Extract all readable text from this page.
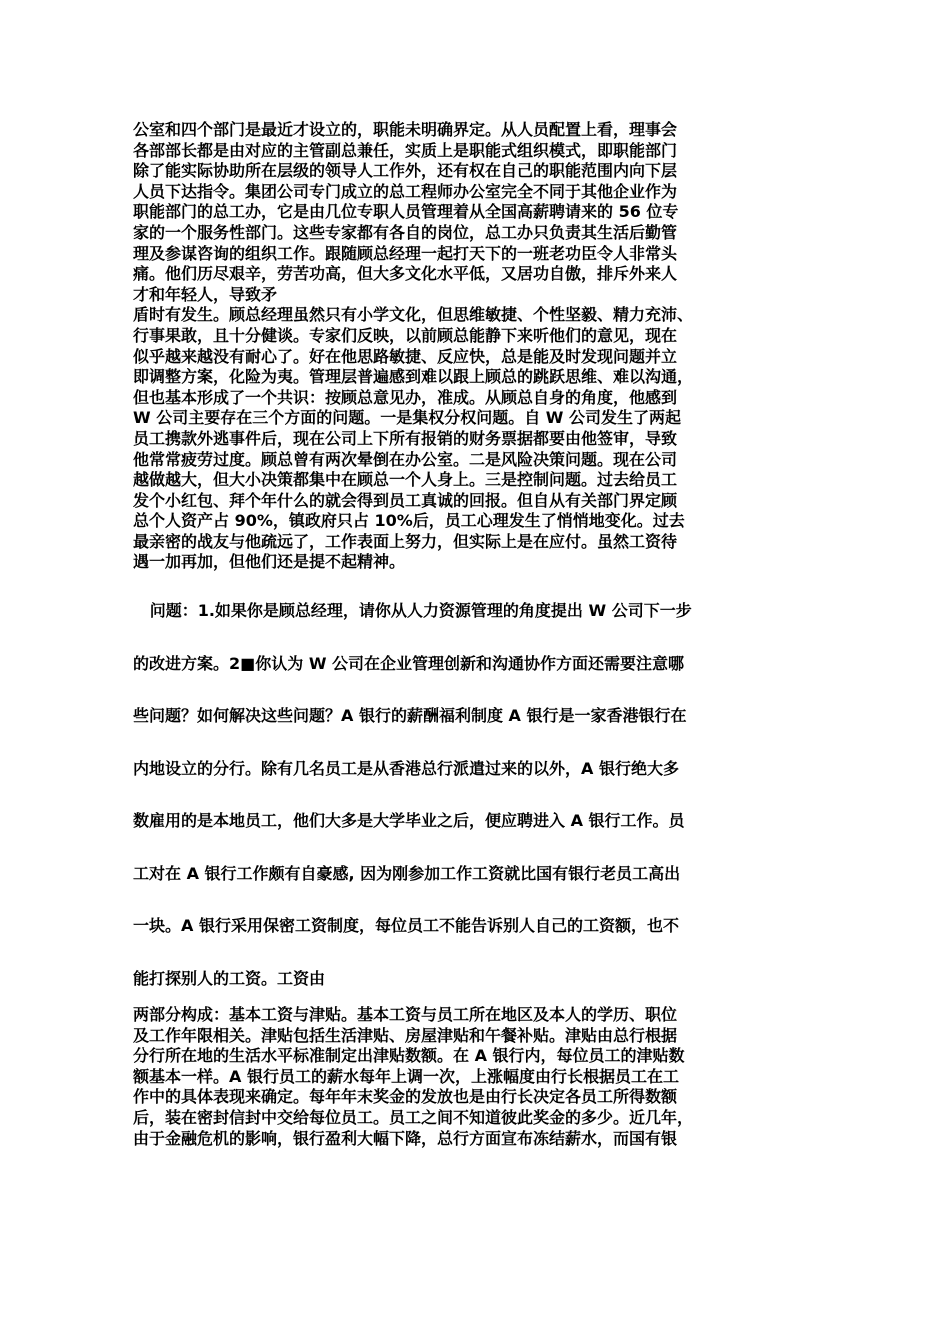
公室和四个部门是最近才设立的，职能未明确界定。从人员配置上看，理事会
各部部长都是由对应的主管副总兼任，实质上是职能式组织模式，即职能部门
除了能实际协助所在层级的领导人工作外，还有权在自己的职能范围内向下层
人员下达指令。集团公司专门成立的总工程师办公室完全不同于其他企业作为
职能部门的总工办，它是由几位专职人员管理着从全国高薪聘请来的 56 位专
家的一个服务性部门。这些专家都有各自的岗位，总工办只负责其生活后勤管
理及参谋咨询的组织工作。跟随顾总经理一起打天下的一班老功臣令人非常头
痛。他们历尽艰辛，劳苦功高，但大多文化水平低，又居功自傲，排斥外来人
才和年轻人，导致矛
盾时有发生。顾总经理虽然只有小学文化，但思维敏捷、个性坚毅、精力充沛、
行事果敢，且十分健谈。专家们反映，以前顾总能静下来听他们的意见，现在
似乎越来越没有耐心了。好在他思路敏捷、反应快，总是能及时发现问题并立
即调整方案，化险为夷。管理层普遍感到难以跟上顾总的跳跃思维、难以沟通，
但也基本形成了一个共识：按顾总意见办，准成。从顾总自身的角度，他感到
W 公司主要存在三个方面的问题。一是集权分权问题。自 W 公司发生了两起
员工携款外逃事件后，现在公司上下所有报销的财务票据都要由他签审，导致
他常常疲劳过度。顾总曾有两次晕倒在办公室。二是风险决策问题。现在公司
越做越大，但大小决策都集中在顾总一个人身上。三是控制问题。过去给员工
发个小红包、拜个年什么的就会得到员工真诚的回报。但自从有关部门界定顾
总个人资产占 90%，镇政府只占 10%后，员工心理发生了悄悄地变化。过去
最亲密的战友与他疏远了，工作表面上努力，但实际上是在应付。虽然工资待
遇一加再加，但他们还是提不起精神。

问题：1.如果你是顾总经理，请你从人力资源管理的角度提出 W 公司下一步
的改进方案。2■你认为 W 公司在企业管理创新和沟通协作方面还需要注意哪
些问题？如何解决这些问题？A 银行的薪酬福利制度 A 银行是一家香港银行在
内地设立的分行。除有几名员工是从香港总行派遣过来的以外，A 银行绝大多
数雇用的是本地员工，他们大多是大学毕业之后，便应聘进入 A 银行工作。员
工对在 A 银行工作颇有自豪感, 因为刚参加工作工资就比国有银行老员工高出
一块。A 银行采用保密工资制度，每位员工不能告诉别人自己的工资额，也不
能打探别人的工资。工资由

两部分构成：基本工资与津贴。基本工资与员工所在地区及本人的学历、职位
及工作年限相关。津贴包括生活津贴、房屋津贴和午餐补贴。津贴由总行根据
分行所在地的生活水平标准制定出津贴数额。在 A 银行内，每位员工的津贴数
额基本一样。A 银行员工的薪水每年上调一次，上涨幅度由行长根据员工在工
作中的具体表现来确定。每年年末奖金的发放也是由行长决定各员工所得数额
后，装在密封信封中交给每位员工。员工之间不知道彼此奖金的多少。近几年，
由于金融危机的影响，银行盈利大幅下降，总行方面宣布冻结薪水，而国有银
